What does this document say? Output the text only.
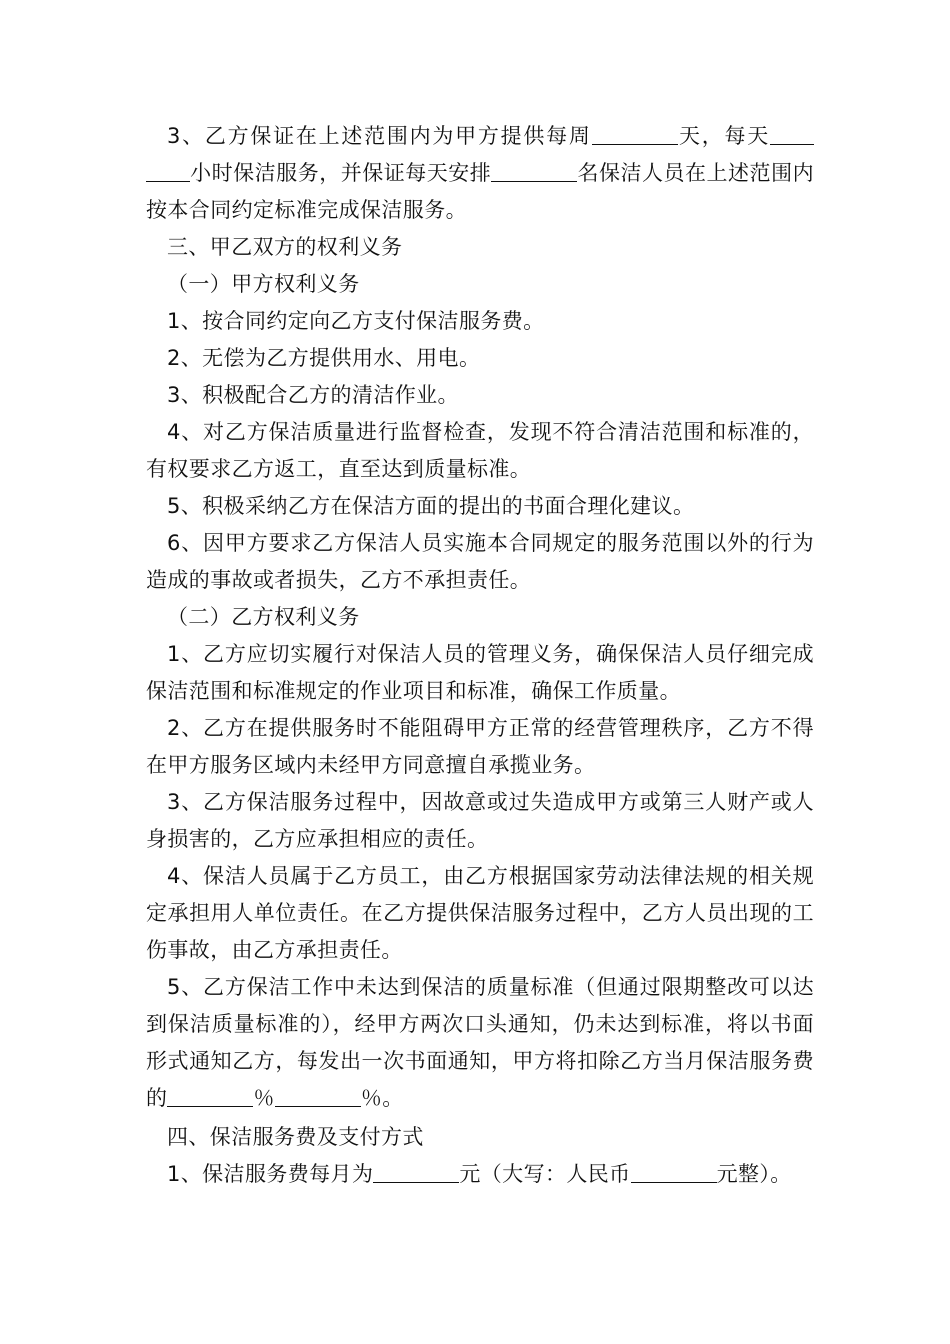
3、乙方保证在上述范围内为甲方提供每周	天，每天小时保洁服务，并保证每天安排	名保洁人员在上述范围内按本合同约定标准完成保洁服务。

三、甲乙双方的权利义务

（一）甲方权利义务

1、按合同约定向乙方支付保洁服务费。

2、无偿为乙方提供用水、用电。

3、积极配合乙方的清洁作业。

4、对乙方保洁质量进行监督检查，发现不符合清洁范围和标准的，有权要求乙方返工，直至达到质量标准。

5、积极采纳乙方在保洁方面的提出的书面合理化建议。

6、因甲方要求乙方保洁人员实施本合同规定的服务范围以外的行为造成的事故或者损失，乙方不承担责任。

（二）乙方权利义务

1、乙方应切实履行对保洁人员的管理义务，确保保洁人员仔细完成保洁范围和标准规定的作业项目和标准，确保工作质量。

2、乙方在提供服务时不能阻碍甲方正常的经营管理秩序，乙方不得在甲方服务区域内未经甲方同意擅自承揽业务。

3、乙方保洁服务过程中，因故意或过失造成甲方或第三人财产或人身损害的，乙方应承担相应的责任。

4、保洁人员属于乙方员工，由乙方根据国家劳动法律法规的相关规定承担用人单位责任。在乙方提供保洁服务过程中，乙方人员出现的工伤事故，由乙方承担责任。

5、乙方保洁工作中未达到保洁的质量标准（但通过限期整改可以达到保洁质量标准的），经甲方两次口头通知，仍未达到标准，将以书面形式通知乙方，每发出一次书面通知，甲方将扣除乙方当月保洁服务费的	％	％。

四、保洁服务费及支付方式

1、保洁服务费每月为	元（大写：人民币	元整）。
